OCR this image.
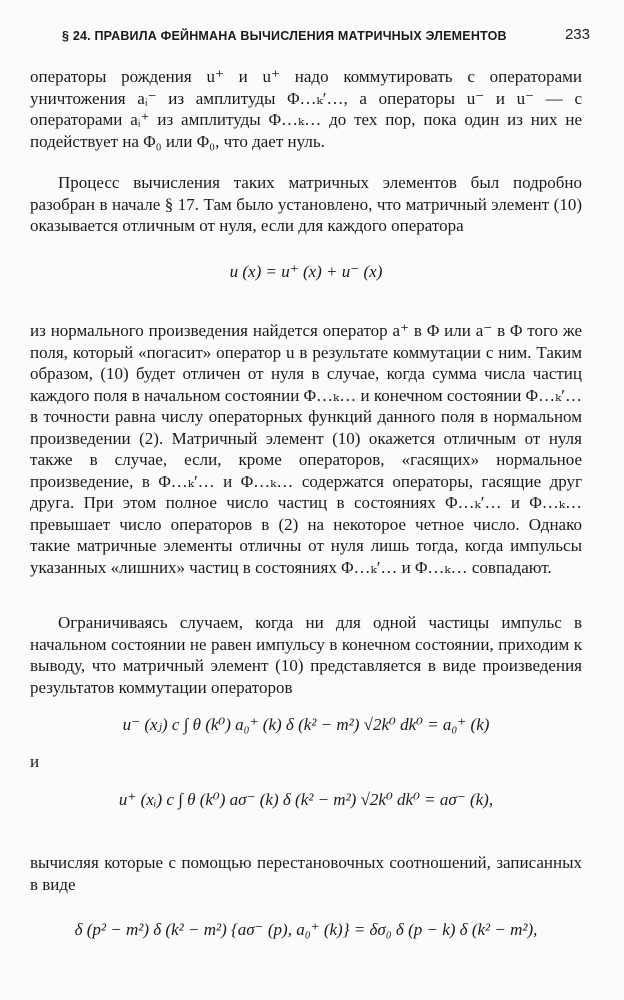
§ 24. ПРАВИЛА ФЕЙНМАНА ВЫЧИСЛЕНИЯ МАТРИЧНЫХ ЭЛЕМЕНТОВ	233

операторы рождения u⁺ и u⁺ надо коммутировать с операторами уничтожения aᵢ⁻ из амплитуды Φ…ₖ′…, а операторы u⁻ и u⁻ — с операторами aᵢ⁺ из амплитуды Φ…ₖ… до тех пор, пока один из них не подействует на Φ₀ или Φ₀, что дает нуль.

Процесс вычисления таких матричных элементов был подробно разобран в начале § 17. Там было установлено, что матричный элемент (10) оказывается отличным от нуля, если для каждого оператора

u (x) = u⁺ (x) + u⁻ (x)

из нормального произведения найдется оператор a⁺ в Φ или a⁻ в Φ того же поля, который «погасит» оператор u в результате коммутации с ним. Таким образом, (10) будет отличен от нуля в случае, когда сумма числа частиц каждого поля в начальном состоянии Φ…ₖ… и конечном состоянии Φ…ₖ′… в точности равна числу операторных функций данного поля в нормальном произведении (2). Матричный элемент (10) окажется отличным от нуля также в случае, если, кроме операторов, «гасящих» нормальное произведение, в Φ…ₖ′… и Φ…ₖ… содержатся операторы, гасящие друг друга. При этом полное число частиц в состояниях Φ…ₖ′… и Φ…ₖ… превышает число операторов в (2) на некоторое четное число. Однако такие матричные элементы отличны от нуля лишь тогда, когда импульсы указанных «лишних» частиц в состояниях Φ…ₖ′… и Φ…ₖ… совпадают.

Ограничиваясь случаем, когда ни для одной частицы импульс в начальном состоянии не равен импульсу в конечном состоянии, приходим к выводу, что матричный элемент (10) представляется в виде произведения результатов коммутации операторов

u⁻ (xⱼ) c ∫ θ (k⁰) a₀⁺ (k) δ (k² − m²) √2k⁰ dk⁰ = a₀⁺ (k)
и
u⁺ (xᵢ) c ∫ θ (k⁰) aσ⁻ (k) δ (k² − m²) √2k⁰ dk⁰ = aσ⁻ (k),

вычисляя которые с помощью перестановочных соотношений, записанных в виде

δ (p² − m²) δ (k² − m²) {aσ⁻ (p), a₀⁺ (k)} = δσ₀ δ (p − k) δ (k² − m²),
